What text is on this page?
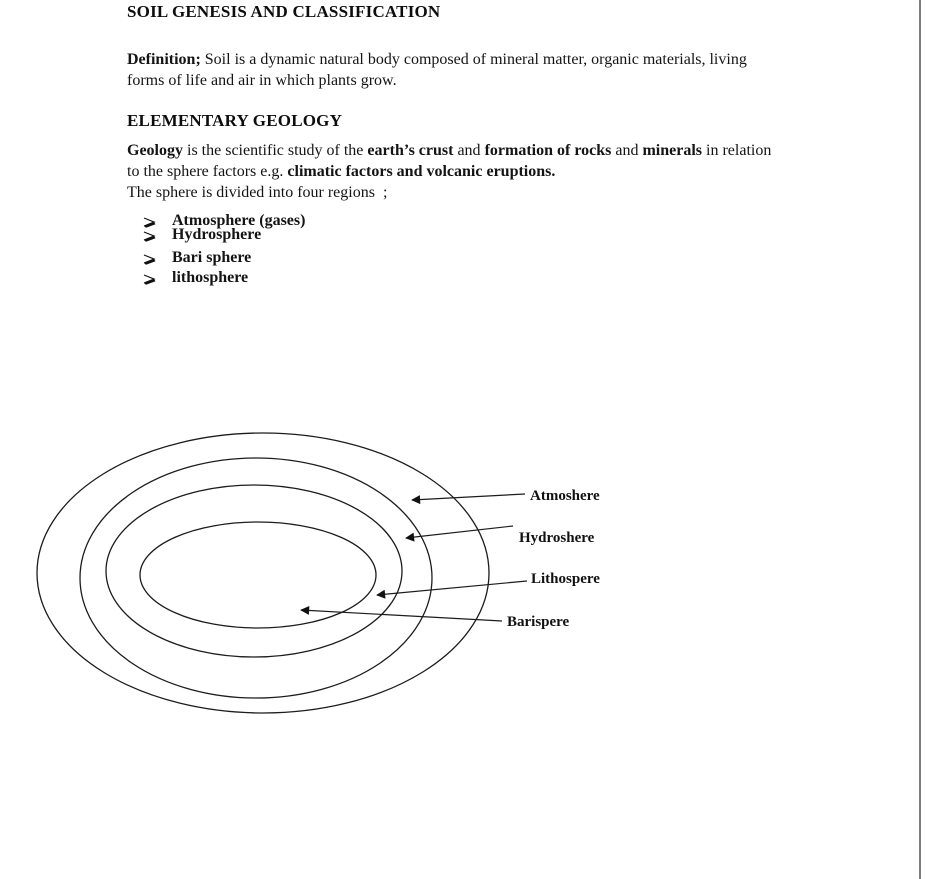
SOIL GENESIS AND CLASSIFICATION

Definition; Soil is a dynamic natural body composed of mineral matter, organic materials, living
forms of life and air in which plants grow.

ELEMENTARY GEOLOGY

Geology is the scientific study of the earth’s crust and formation of rocks and minerals in relation
to the sphere factors e.g. climatic factors and volcanic eruptions.
The sphere is divided into four regions  ;

Atmosphere (gases)
Hydrosphere
Bari sphere
lithosphere
Atmoshere
Hydroshere
Lithospere
Barispere
